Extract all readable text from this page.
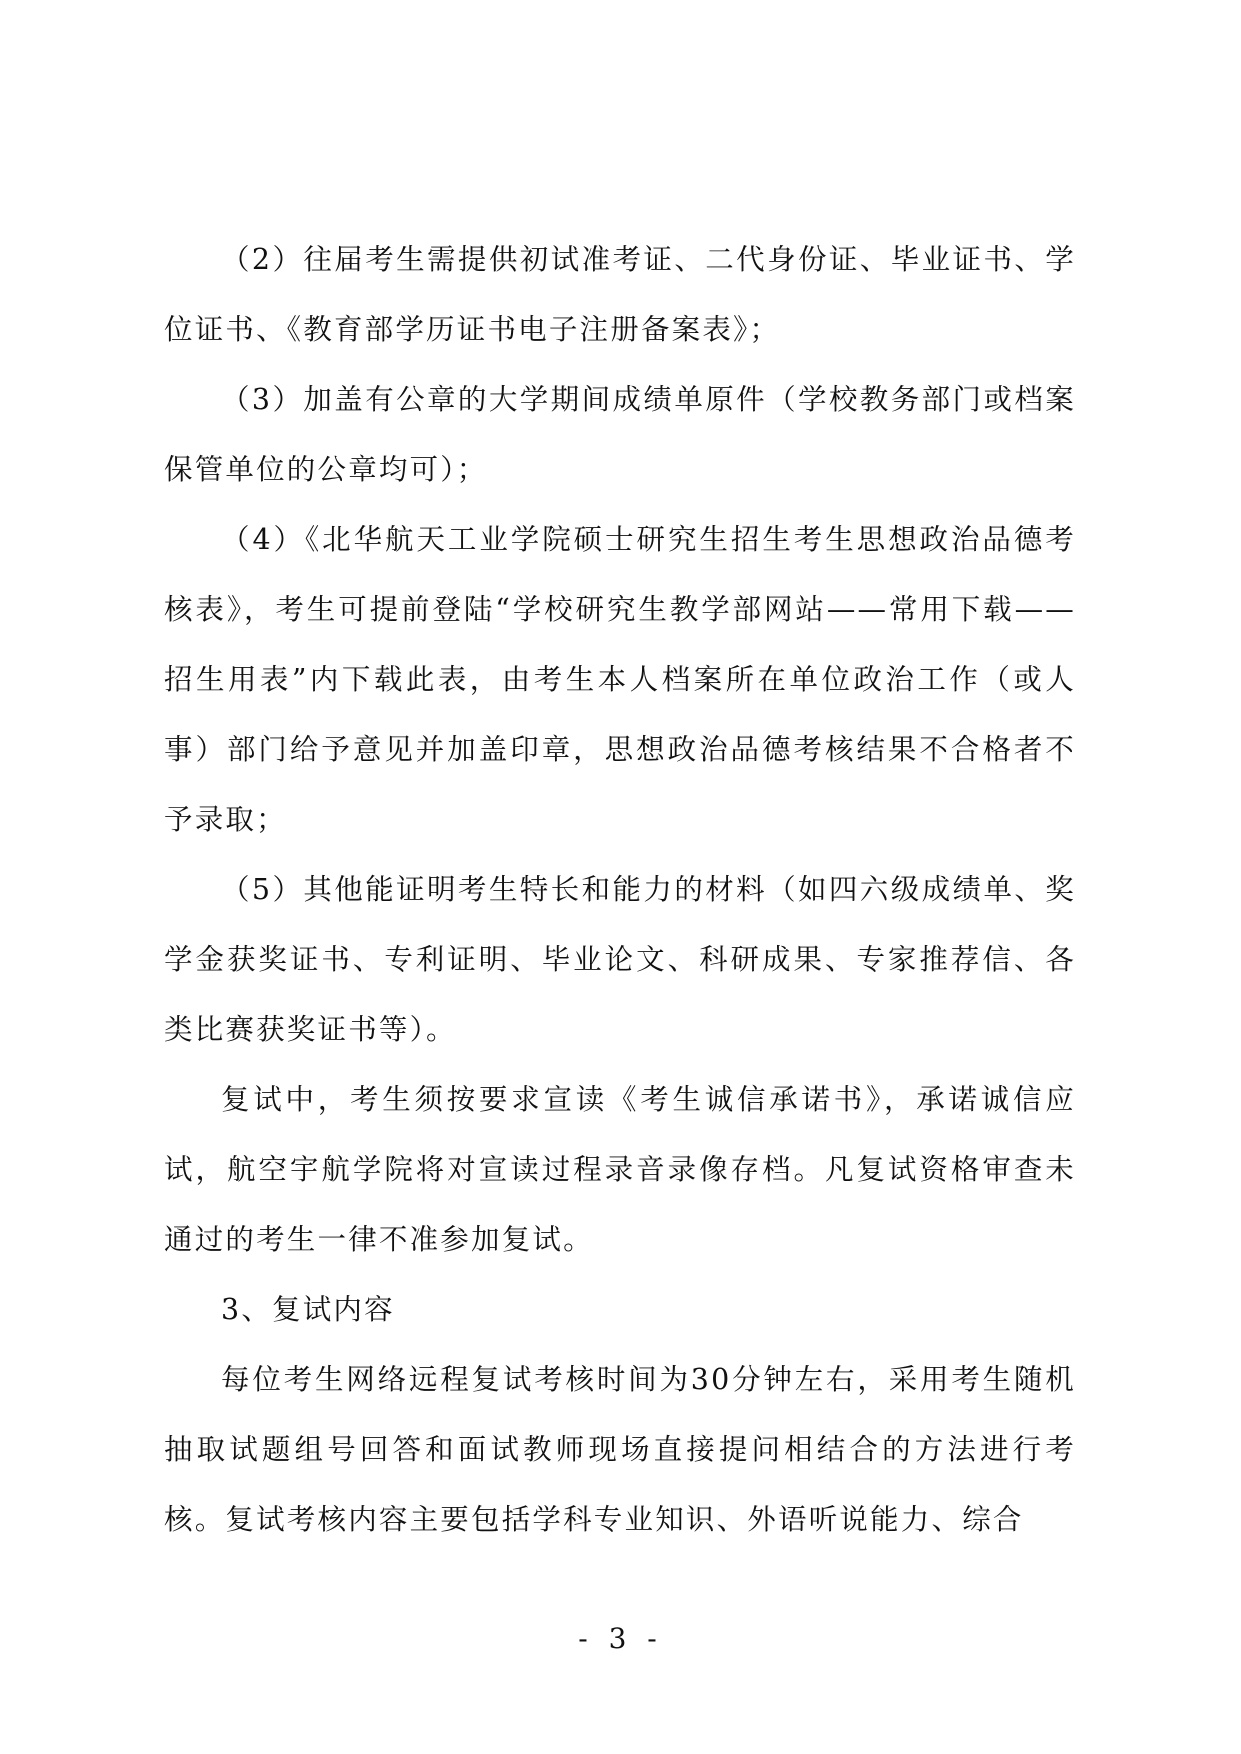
（2）往届考生需提供初试准考证、二代身份证、毕业证书、学位证书、《教育部学历证书电子注册备案表》；

（3）加盖有公章的大学期间成绩单原件（学校教务部门或档案保管单位的公章均可）；

（4）《北华航天工业学院硕士研究生招生考生思想政治品德考核表》，考生可提前登陆“学校研究生教学部网站——常用下载——招生用表”内下载此表，由考生本人档案所在单位政治工作（或人事）部门给予意见并加盖印章，思想政治品德考核结果不合格者不予录取；

（5）其他能证明考生特长和能力的材料（如四六级成绩单、奖学金获奖证书、专利证明、毕业论文、科研成果、专家推荐信、各类比赛获奖证书等）。

复试中，考生须按要求宣读《考生诚信承诺书》，承诺诚信应试，航空宇航学院将对宣读过程录音录像存档。凡复试资格审查未通过的考生一律不准参加复试。

3、复试内容

每位考生网络远程复试考核时间为30分钟左右，采用考生随机抽取试题组号回答和面试教师现场直接提问相结合的方法进行考核。复试考核内容主要包括学科专业知识、外语听说能力、综合

- 3 -
